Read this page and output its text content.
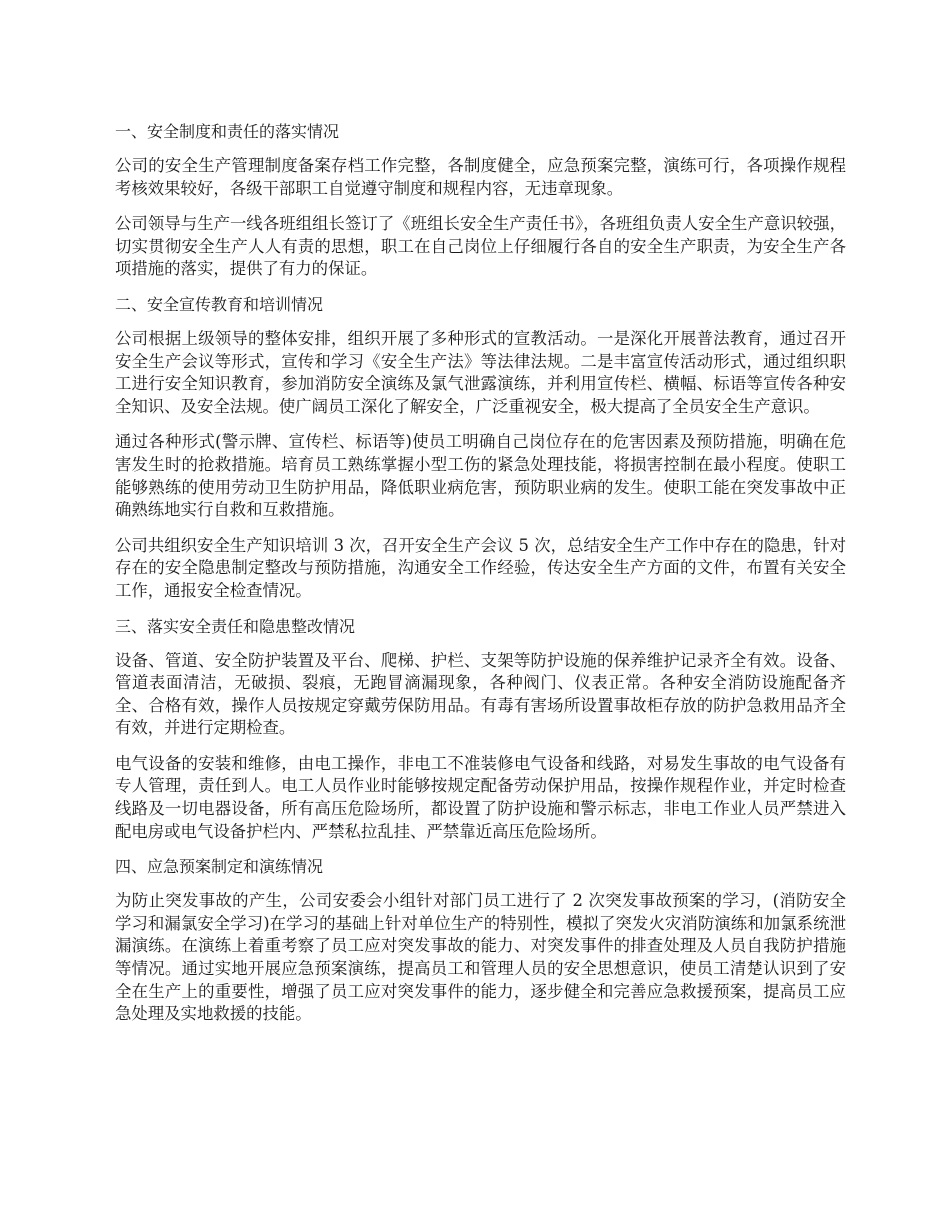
一、安全制度和责任的落实情况

公司的安全生产管理制度备案存档工作完整，各制度健全，应急预案完整，演练可行，各项操作规程考核效果较好，各级干部职工自觉遵守制度和规程内容，无违章现象。

公司领导与生产一线各班组组长签订了《班组长安全生产责任书》，各班组负责人安全生产意识较强，切实贯彻安全生产人人有责的思想，职工在自己岗位上仔细履行各自的安全生产职责，为安全生产各项措施的落实，提供了有力的保证。

二、安全宣传教育和培训情况

公司根据上级领导的整体安排，组织开展了多种形式的宣教活动。一是深化开展普法教育，通过召开安全生产会议等形式，宣传和学习《安全生产法》等法律法规。二是丰富宣传活动形式，通过组织职工进行安全知识教育，参加消防安全演练及氯气泄露演练，并利用宣传栏、横幅、标语等宣传各种安全知识、及安全法规。使广阔员工深化了解安全，广泛重视安全，极大提高了全员安全生产意识。

通过各种形式(警示牌、宣传栏、标语等)使员工明确自己岗位存在的危害因素及预防措施，明确在危害发生时的抢救措施。培育员工熟练掌握小型工伤的紧急处理技能，将损害控制在最小程度。使职工能够熟练的使用劳动卫生防护用品，降低职业病危害，预防职业病的发生。使职工能在突发事故中正确熟练地实行自救和互救措施。

公司共组织安全生产知识培训 3 次，召开安全生产会议 5 次，总结安全生产工作中存在的隐患，针对存在的安全隐患制定整改与预防措施，沟通安全工作经验，传达安全生产方面的文件，布置有关安全工作，通报安全检查情况。

三、落实安全责任和隐患整改情况

设备、管道、安全防护装置及平台、爬梯、护栏、支架等防护设施的保养维护记录齐全有效。设备、管道表面清洁，无破损、裂痕，无跑冒滴漏现象，各种阀门、仪表正常。各种安全消防设施配备齐全、合格有效，操作人员按规定穿戴劳保防用品。有毒有害场所设置事故柜存放的防护急救用品齐全有效，并进行定期检查。

电气设备的安装和维修，由电工操作，非电工不准装修电气设备和线路，对易发生事故的电气设备有专人管理，责任到人。电工人员作业时能够按规定配备劳动保护用品，按操作规程作业，并定时检查线路及一切电器设备，所有高压危险场所，都设置了防护设施和警示标志，非电工作业人员严禁进入配电房或电气设备护栏内、严禁私拉乱挂、严禁靠近高压危险场所。

四、应急预案制定和演练情况

为防止突发事故的产生，公司安委会小组针对部门员工进行了 2 次突发事故预案的学习，(消防安全学习和漏氯安全学习)在学习的基础上针对单位生产的特别性，模拟了突发火灾消防演练和加氯系统泄漏演练。在演练上着重考察了员工应对突发事故的能力、对突发事件的排查处理及人员自我防护措施等情况。通过实地开展应急预案演练，提高员工和管理人员的安全思想意识，使员工清楚认识到了安全在生产上的重要性，增强了员工应对突发事件的能力，逐步健全和完善应急救援预案，提高员工应急处理及实地救援的技能。
